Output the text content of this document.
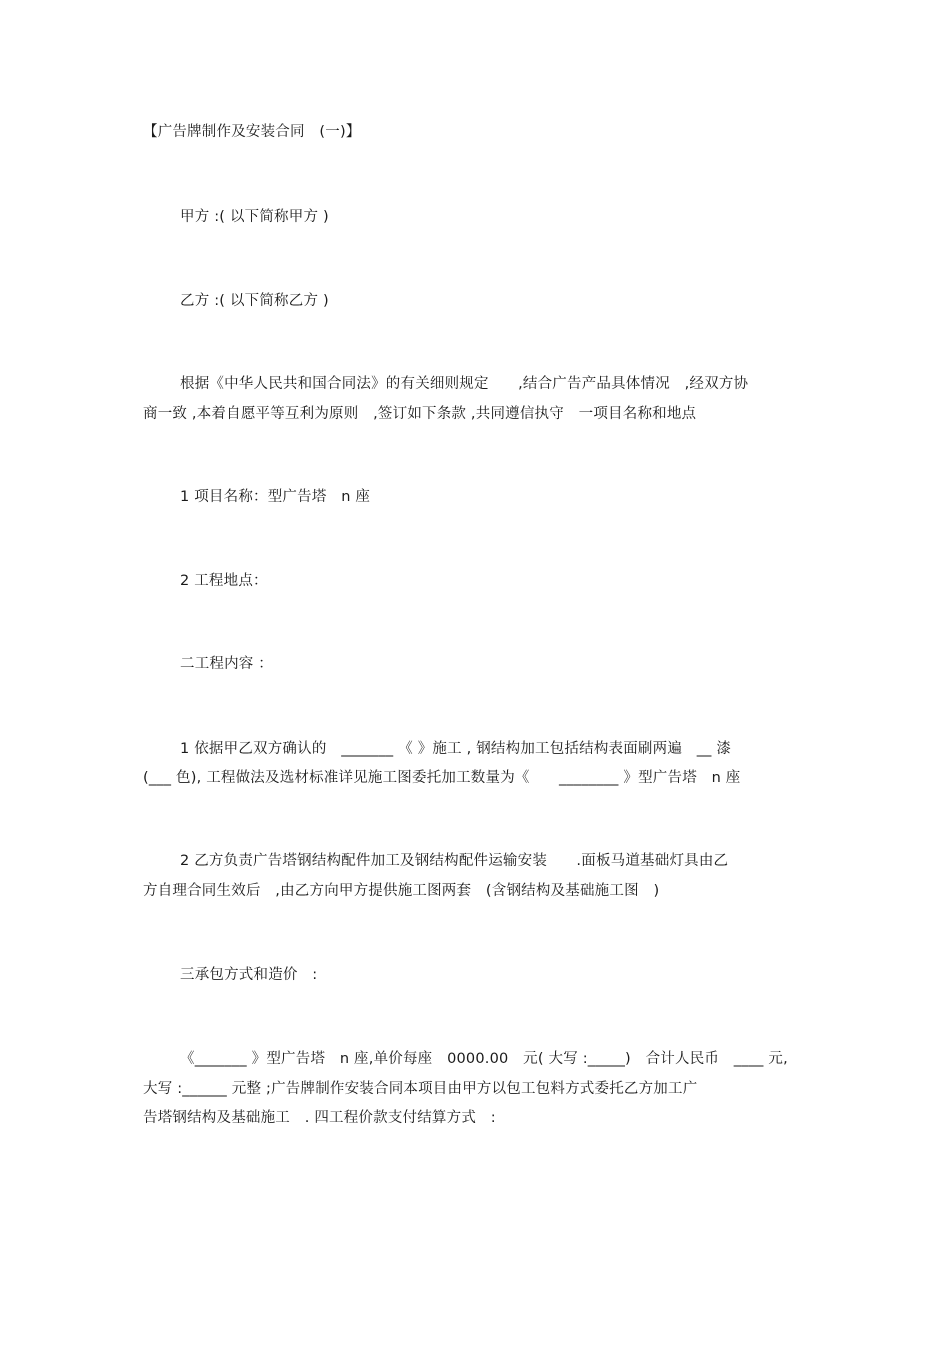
【广告牌制作及安装合同　(一)】
甲方 :( 以下简称甲方 )
乙方 :( 以下简称乙方 )
根据《中华人民共和国合同法》的有关细则规定　　,结合广告产品具体情况　,经双方协
商一致 ,本着自愿平等互利为原则　,签订如下条款 ,共同遵信执守　一项目名称和地点
1 项目名称：型广告塔　n 座
2 工程地点：
二工程内容 ：
1 依据甲乙双方确认的　_______ 《 》施工 , 钢结构加工包括结构表面刷两遍　__ 漆
(___ 色), 工程做法及选材标准详见施工图委托加工数量为《　　________ 》型广告塔　n 座
2 乙方负责广告塔钢结构配件加工及钢结构配件运输安装　　.面板马道基础灯具由乙
方自理合同生效后　,由乙方向甲方提供施工图两套　(含钢结构及基础施工图　)
三承包方式和造价　:
《_______ 》型广告塔　n 座,单价每座　0000.00　元( 大写 :_____)　合计人民币　____ 元,
大写 :______ 元整 ;广告牌制作安装合同本项目由甲方以包工包料方式委托乙方加工广
告塔钢结构及基础施工　. 四工程价款支付结算方式　:
